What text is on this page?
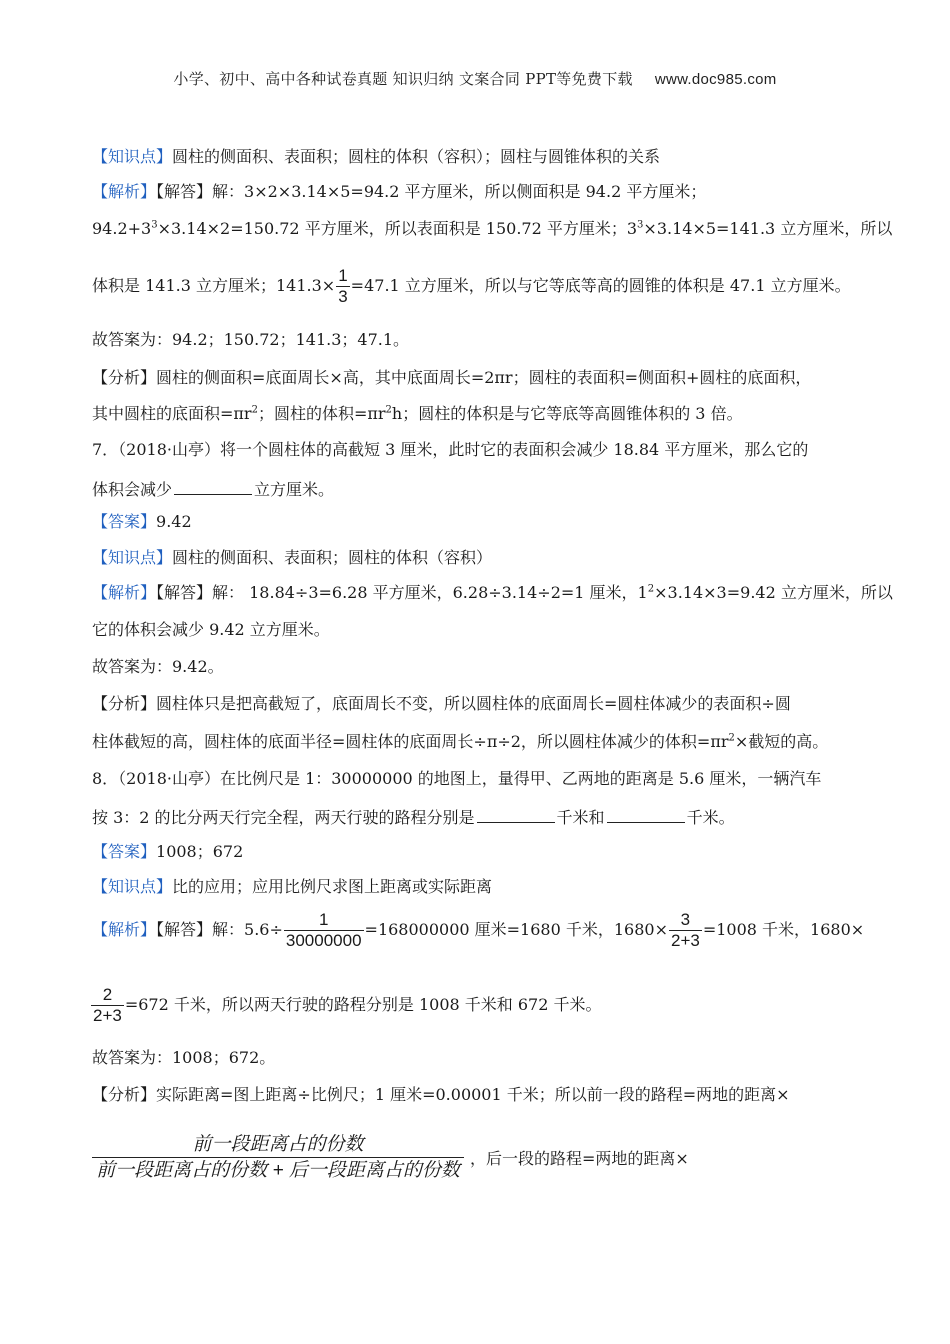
小学、初中、高中各种试卷真题 知识归纳 文案合同 PPT等免费下载 www.doc985.com
【知识点】圆柱的侧面积、表面积；圆柱的体积（容积）；圆柱与圆锥体积的关系
【解析】【解答】解：3×2×3.14×5=94.2 平方厘米，所以侧面积是 94.2 平方厘米；
$94.2+3^3\times 3.14\times 2=150.72$ 平方厘米，所以表面积是 150.72 平方厘米；$3^3\times 3.14\times 5=141.3$ 立方厘米，所以
体积是 141.3 立方厘米；$141.3\times \frac{1}{3} =47.1$ 立方厘米，所以与它等底等高的圆锥的体积是 47.1 立方厘米。
故答案为：94.2；150.72；141.3；47.1。
【分析】圆柱的侧面积=底面周长×高，其中底面周长=2πr；圆柱的表面积=侧面积+圆柱的底面积，
其中圆柱的底面积$=\pi r^2$；圆柱的体积$=\pi r^2h$；圆柱的体积是与它等底等高圆锥体积的 3 倍。
7．（2018·山亭）将一个圆柱体的高截短 3 厘米，此时它的表面积会减少 18.84 平方厘米，那么它的
体积会减少	立方厘米。
【答案】9.42
【知识点】圆柱的侧面积、表面积；圆柱的体积（容积）
【解析】【解答】解： 18.84÷3=6.28 平方厘米，6.28÷3.14÷2=1 厘米，$1^2\times 3.14\times 3=9.42$ 立方厘米，所以
它的体积会减少 9.42 立方厘米。
故答案为：9.42。
【分析】圆柱体只是把高截短了，底面周长不变，所以圆柱体的底面周长=圆柱体减少的表面积÷圆
柱体截短的高，圆柱体的底面半径=圆柱体的底面周长÷π÷2，所以圆柱体减少的体积$=\pi r^2\times$截短的高。
8．（2018·山亭）在比例尺是 1：30000000 的地图上，量得甲、乙两地的距离是 5.6 厘米，一辆汽车
按 3：2 的比分两天行完全程，两天行驶的路程分别是	千米和	千米。
【答案】1008；672
【知识点】比的应用；应用比例尺求图上距离或实际距离
【解析】【解答】解：$5.6\div \frac{1}{30000000} =168000000$ 厘米=1680 千米，$1680\times \frac{3}{2+3} =1008$ 千米，1680×
$\frac{2}{2+3} =672$ 千米，所以两天行驶的路程分别是 1008 千米和 672 千米。
故答案为：1008；672。
【分析】实际距离=图上距离÷比例尺；1 厘米=0.00001 千米；所以前一段的路程=两地的距离×
前一段距离占的份数
前一段距离占的份数 + 后一段距离占的份数
，后一段的路程=两地的距离×
